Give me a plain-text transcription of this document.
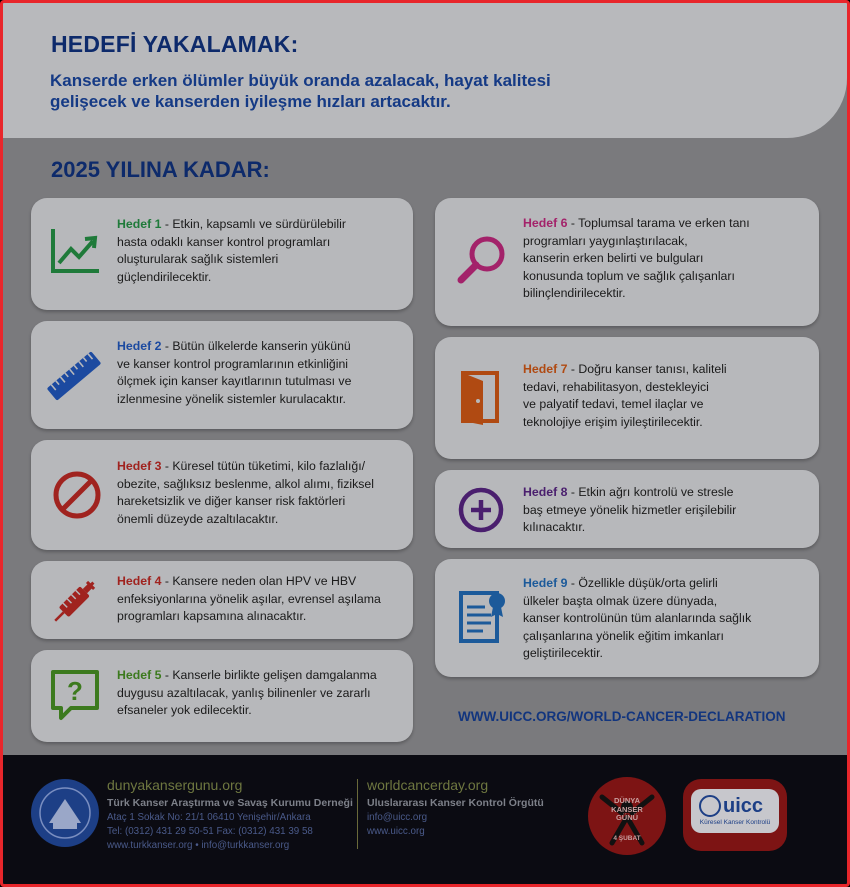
HEDEFİ YAKALAMAK:
Kanserde erken ölümler büyük oranda azalacak, hayat kalitesi
gelişecek ve kanserden iyileşme hızları artacaktır.
2025 YILINA KADAR:
Hedef 1 - Etkin, kapsamlı ve sürdürülebilir
hasta odaklı kanser kontrol programları
oluşturularak sağlık sistemleri
güçlendirilecektir.
Hedef 2 - Bütün ülkelerde kanserin yükünü
ve kanser kontrol programlarının etkinliğini
ölçmek için kanser kayıtlarının tutulması ve
izlenmesine yönelik sistemler kurulacaktır.
Hedef 3 - Küresel tütün tüketimi, kilo fazlalığı/
obezite, sağlıksız beslenme, alkol alımı, fiziksel
hareketsizlik ve diğer kanser risk faktörleri
önemli düzeyde azaltılacaktır.
Hedef 4 - Kansere neden olan HPV ve HBV
enfeksiyonlarına yönelik aşılar, evrensel aşılama
programları kapsamına alınacaktır.
?
Hedef 5 - Kanserle birlikte gelişen damgalanma
duygusu azaltılacak, yanlış bilinenler ve zararlı
efsaneler yok edilecektir.
Hedef 6 - Toplumsal tarama ve erken tanı
programları yaygınlaştırılacak,
kanserin erken belirti ve bulguları
konusunda toplum ve sağlık çalışanları
bilinçlendirilecektir.
Hedef 7 - Doğru kanser tanısı, kaliteli
tedavi, rehabilitasyon, destekleyici
ve palyatif tedavi, temel ilaçlar ve
teknolojiye erişim iyileştirilecektir.
Hedef 8 - Etkin ağrı kontrolü ve stresle
baş etmeye yönelik hizmetler erişilebilir
kılınacaktır.
Hedef 9 - Özellikle düşük/orta gelirli
ülkeler başta olmak üzere dünyada,
kanser kontrolünün tüm alanlarında sağlık
çalışanlarına yönelik eğitim imkanları
geliştirilecektir.
WWW.UICC.ORG/WORLD-CANCER-DECLARATION
dunyakansergunu.org
Türk Kanser Araştırma ve Savaş Kurumu Derneği
Ataç 1 Sokak No: 21/1 06410 Yenişehir/Ankara
Tel: (0312) 431 29 50-51 Fax: (0312) 431 39 58
www.turkkanser.org • info@turkkanser.org
worldcancerday.org
Uluslararası Kanser Kontrol Örgütü
info@uicc.org
www.uicc.org
DÜNYA
KANSER
GÜNÜ
4 ŞUBAT
uicc
Küresel Kanser Kontrolü
